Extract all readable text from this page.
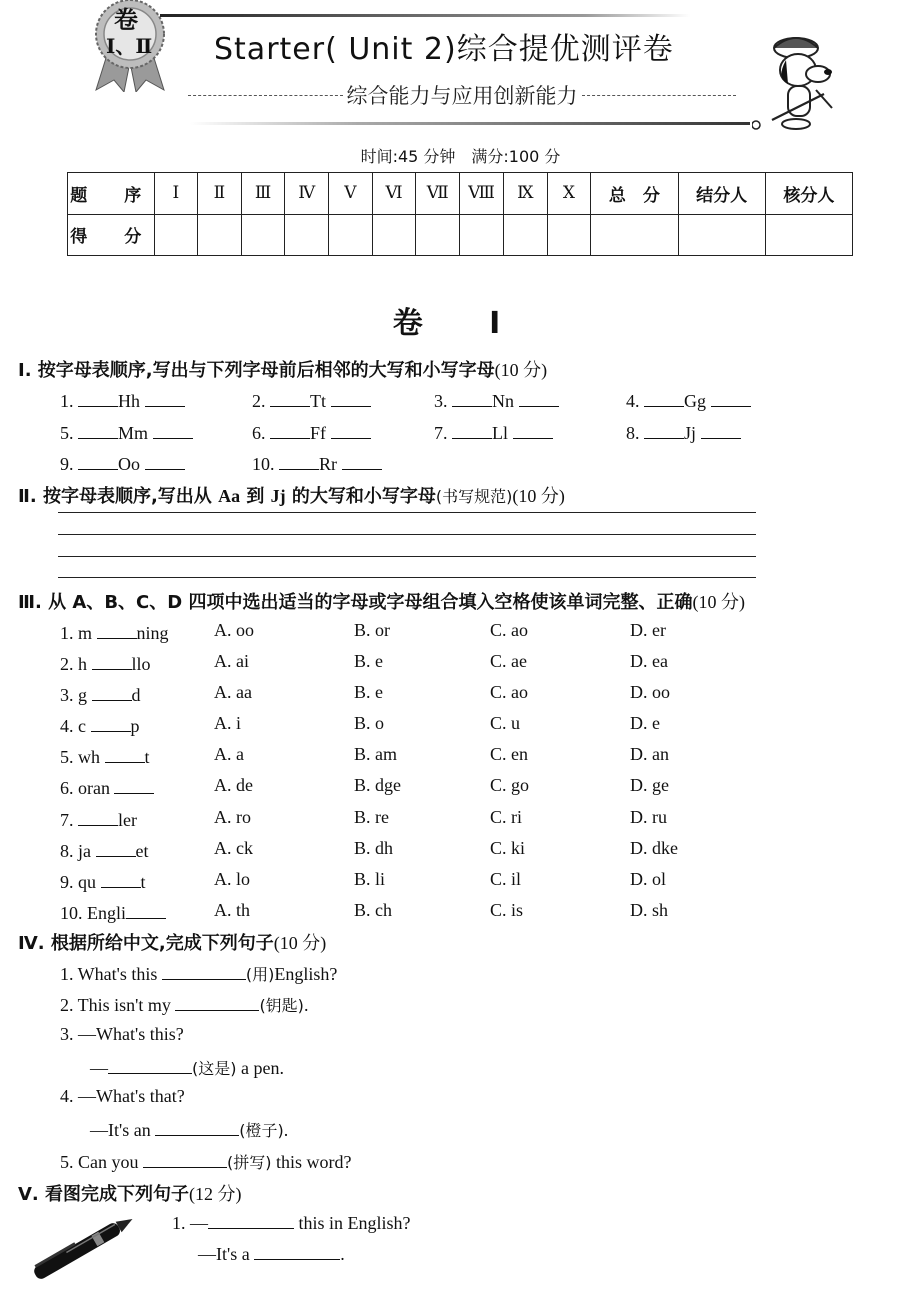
卷
Ⅰ、Ⅱ Starter( Unit 2)综合提优测评卷
综合能力与应用创新能力
时间:45 分钟　满分:100 分
题　序	Ⅰ	Ⅱ	Ⅲ	Ⅳ	Ⅴ	Ⅵ	Ⅶ	Ⅷ	Ⅸ	Ⅹ	总　分	结分人	核分人
得　分													
卷 Ⅰ
Ⅰ. 按字母表顺序,写出与下列字母前后相邻的大写和小写字母(10 分)
1. Hh	2. Tt	3. Nn	4. Gg
5. Mm	6. Ff	7. Ll	8. Jj
9. Oo	10. Rr
Ⅱ. 按字母表顺序,写出从 Aa 到 Jj 的大写和小写字母(书写规范)(10 分)
Ⅲ. 从 A、B、C、D 四项中选出适当的字母或字母组合填入空格使该单词完整、正确(10 分)
1. m ning	A. oo	B. or	C. ao	D. er
2. h llo	A. ai	B. e	C. ae	D. ea
3. g d	A. aa	B. e	C. ao	D. oo
4. c p	A. i	B. o	C. u	D. e
5. wh t	A. a	B. am	C. en	D. an
6. oran	A. de	B. dge	C. go	D. ge
7. ler	A. ro	B. re	C. ri	D. ru
8. ja et	A. ck	B. dh	C. ki	D. dke
9. qu t	A. lo	B. li	C. il	D. ol
10. Engli	A. th	B. ch	C. is	D. sh
Ⅳ. 根据所给中文,完成下列句子(10 分)
1. What's this	(用)English?
2. This isn't my	(钥匙).
3. —What's this?
—	(这是) a pen.
4. —What's that?
—It's an	(橙子).
5. Can you	(拼写) this word?
Ⅴ. 看图完成下列句子(12 分)
1. —	this in English?
—It's a	.
